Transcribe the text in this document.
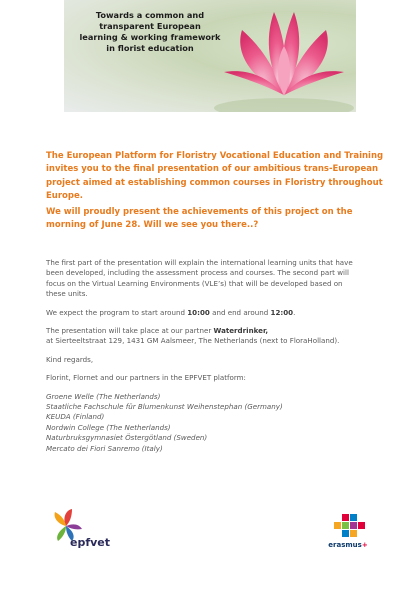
Towards a common and
transparent European
learning & working framework
in florist education

The European Platform for Floristry Vocational Education and Training invites you to the final presentation of our ambitious trans-European project aimed at establishing common courses in Floristry throughout Europe.

We will proudly present the achievements of this project on the morning of June 28. Will we see you there..?

The first part of the presentation will explain the international learning units that have been developed, including the assessment process and courses. The second part will focus on the Virtual Learning Environments (VLE’s) that will be developed based on these units.

We expect the program to start around 10:00 and end around 12:00.

The presentation will take place at our partner Waterdrinker,
at Sierteeltstraat 129, 1431 GM Aalsmeer, The Netherlands (next to FloraHolland).

Kind regards,

Florint, Flornet and our partners in the EPFVET platform:

Groene Welle (The Netherlands)
Staatliche Fachschule für Blumenkunst Weihenstephan (Germany)
KEUDA (Finland)
Nordwin College (The Netherlands)
Naturbruksgymnasiet Östergötland (Sweden)
Mercato dei Fiori Sanremo (Italy)
epfvet	erasmus+
